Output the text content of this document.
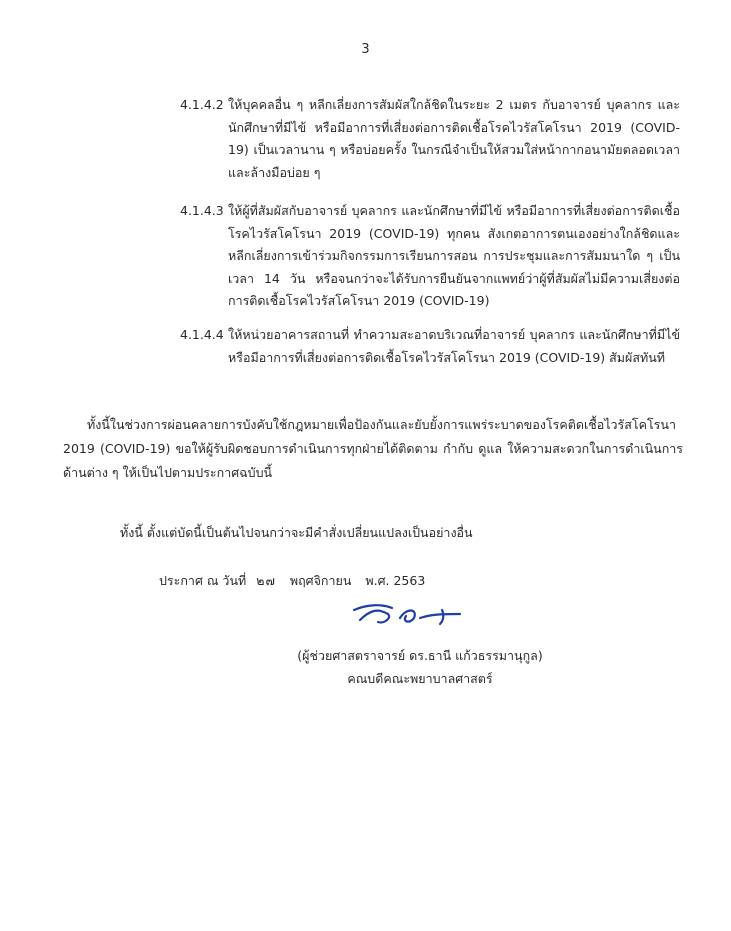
3
4.1.4.2 ให้บุคคลอื่น ๆ หลีกเลี่ยงการสัมผัสใกล้ชิดในระยะ 2 เมตร กับอาจารย์ บุคลากร และนักศึกษาที่มีไข้ หรือมีอาการที่เสี่ยงต่อการติดเชื้อโรคไวรัสโคโรนา 2019 (COVID-19) เป็นเวลานาน ๆ หรือบ่อยครั้ง ในกรณีจำเป็นให้สวมใส่หน้ากากอนามัยตลอดเวลา และล้างมือบ่อย ๆ
4.1.4.3 ให้ผู้ที่สัมผัสกับอาจารย์ บุคลากร และนักศึกษาที่มีไข้ หรือมีอาการที่เสี่ยงต่อการติดเชื้อโรคไวรัสโคโรนา 2019 (COVID-19) ทุกคน สังเกตอาการตนเองอย่างใกล้ชิดและหลีกเลี่ยงการเข้าร่วมกิจกรรมการเรียนการสอน การประชุมและการสัมมนาใด ๆ เป็นเวลา 14 วัน หรือจนกว่าจะได้รับการยืนยันจากแพทย์ว่าผู้ที่สัมผัสไม่มีความเสี่ยงต่อการติดเชื้อโรคไวรัสโคโรนา 2019 (COVID-19)
4.1.4.4 ให้หน่วยอาคารสถานที่ ทำความสะอาดบริเวณที่อาจารย์ บุคลากร และนักศึกษาที่มีไข้ หรือมีอาการที่เสี่ยงต่อการติดเชื้อโรคไวรัสโคโรนา 2019 (COVID-19) สัมผัสทันที
ทั้งนี้ในช่วงการผ่อนคลายการบังคับใช้กฎหมายเพื่อป้องกันและยับยั้งการแพร่ระบาดของโรคติดเชื้อไวรัสโคโรนา 2019 (COVID-19) ขอให้ผู้รับผิดชอบการดำเนินการทุกฝ่ายได้ติดตาม กำกับ ดูแล ให้ความสะดวกในการดำเนินการด้านต่าง ๆ ให้เป็นไปตามประกาศฉบับนี้
ทั้งนี้ ตั้งแต่บัดนี้เป็นต้นไปจนกว่าจะมีคำสั่งเปลี่ยนแปลงเป็นอย่างอื่น
ประกาศ ณ วันที่ ๒๗ พฤศจิกายน พ.ศ. 2563
(ผู้ช่วยศาสตราจารย์ ดร.ธานี แก้วธรรมานุกูล)
คณบดีคณะพยาบาลศาสตร์
